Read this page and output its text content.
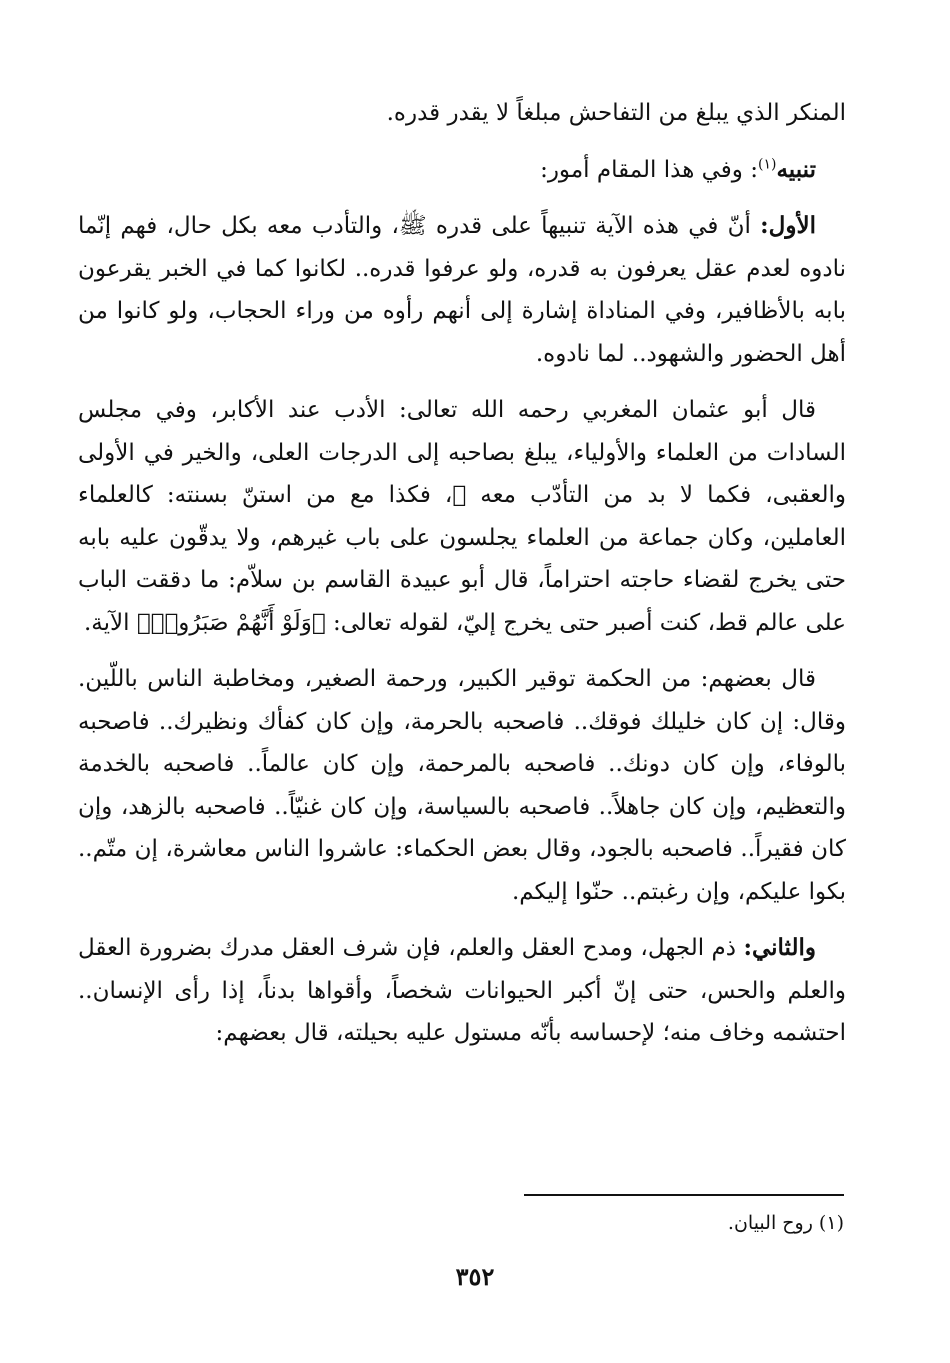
المنكر الذي يبلغ من التفاحش مبلغاً لا يقدر قدره.

تنبيه$^{(١)}$: وفي هذا المقام أمور:

الأول: أنّ في هذه الآية تنبيهاً على قدره ﷺ، والتأدب معه بكل حال، فهم إنّما نادوه لعدم عقل يعرفون به قدره، ولو عرفوا قدره.. لكانوا كما في الخبر يقرعون بابه بالأظافير، وفي المناداة إشارة إلى أنهم رأوه من وراء الحجاب، ولو كانوا من أهل الحضور والشهود.. لما نادوه.

قال أبو عثمان المغربي رحمه الله تعالى: الأدب عند الأكابر، وفي مجلس السادات من العلماء والأولياء، يبلغ بصاحبه إلى الدرجات العلى، والخير في الأولى والعقبى، فكما لا بد من التأدّب معه ﷺ، فكذا مع من استنّ بسنته: كالعلماء العاملين، وكان جماعة من العلماء يجلسون على باب غيرهم، ولا يدقّون عليه بابه حتى يخرج لقضاء حاجته احتراماً، قال أبو عبيدة القاسم بن سلاّم: ما دققت الباب على عالم قط، كنت أصبر حتى يخرج إليّ، لقوله تعالى: ﴿وَلَوْ أَنَّهُمْ صَبَرُوا۟﴾ الآية.

قال بعضهم: من الحكمة توقير الكبير، ورحمة الصغير، ومخاطبة الناس باللّين. وقال: إن كان خليلك فوقك.. فاصحبه بالحرمة، وإن كان كفأك ونظيرك.. فاصحبه بالوفاء، وإن كان دونك.. فاصحبه بالمرحمة، وإن كان عالماً.. فاصحبه بالخدمة والتعظيم، وإن كان جاهلاً.. فاصحبه بالسياسة، وإن كان غنيّاً.. فاصحبه بالزهد، وإن كان فقيراً.. فاصحبه بالجود، وقال بعض الحكماء: عاشروا الناس معاشرة، إن متّم.. بكوا عليكم، وإن رغبتم.. حنّوا إليكم.

والثاني: ذم الجهل، ومدح العقل والعلم، فإن شرف العقل مدرك بضرورة العقل والعلم والحس، حتى إنّ أكبر الحيوانات شخصاً، وأقواها بدناً، إذا رأى الإنسان.. احتشمه وخاف منه؛ لإحساسه بأنّه مستول عليه بحيلته، قال بعضهم:

(١) روح البيان.
٣٥٢
